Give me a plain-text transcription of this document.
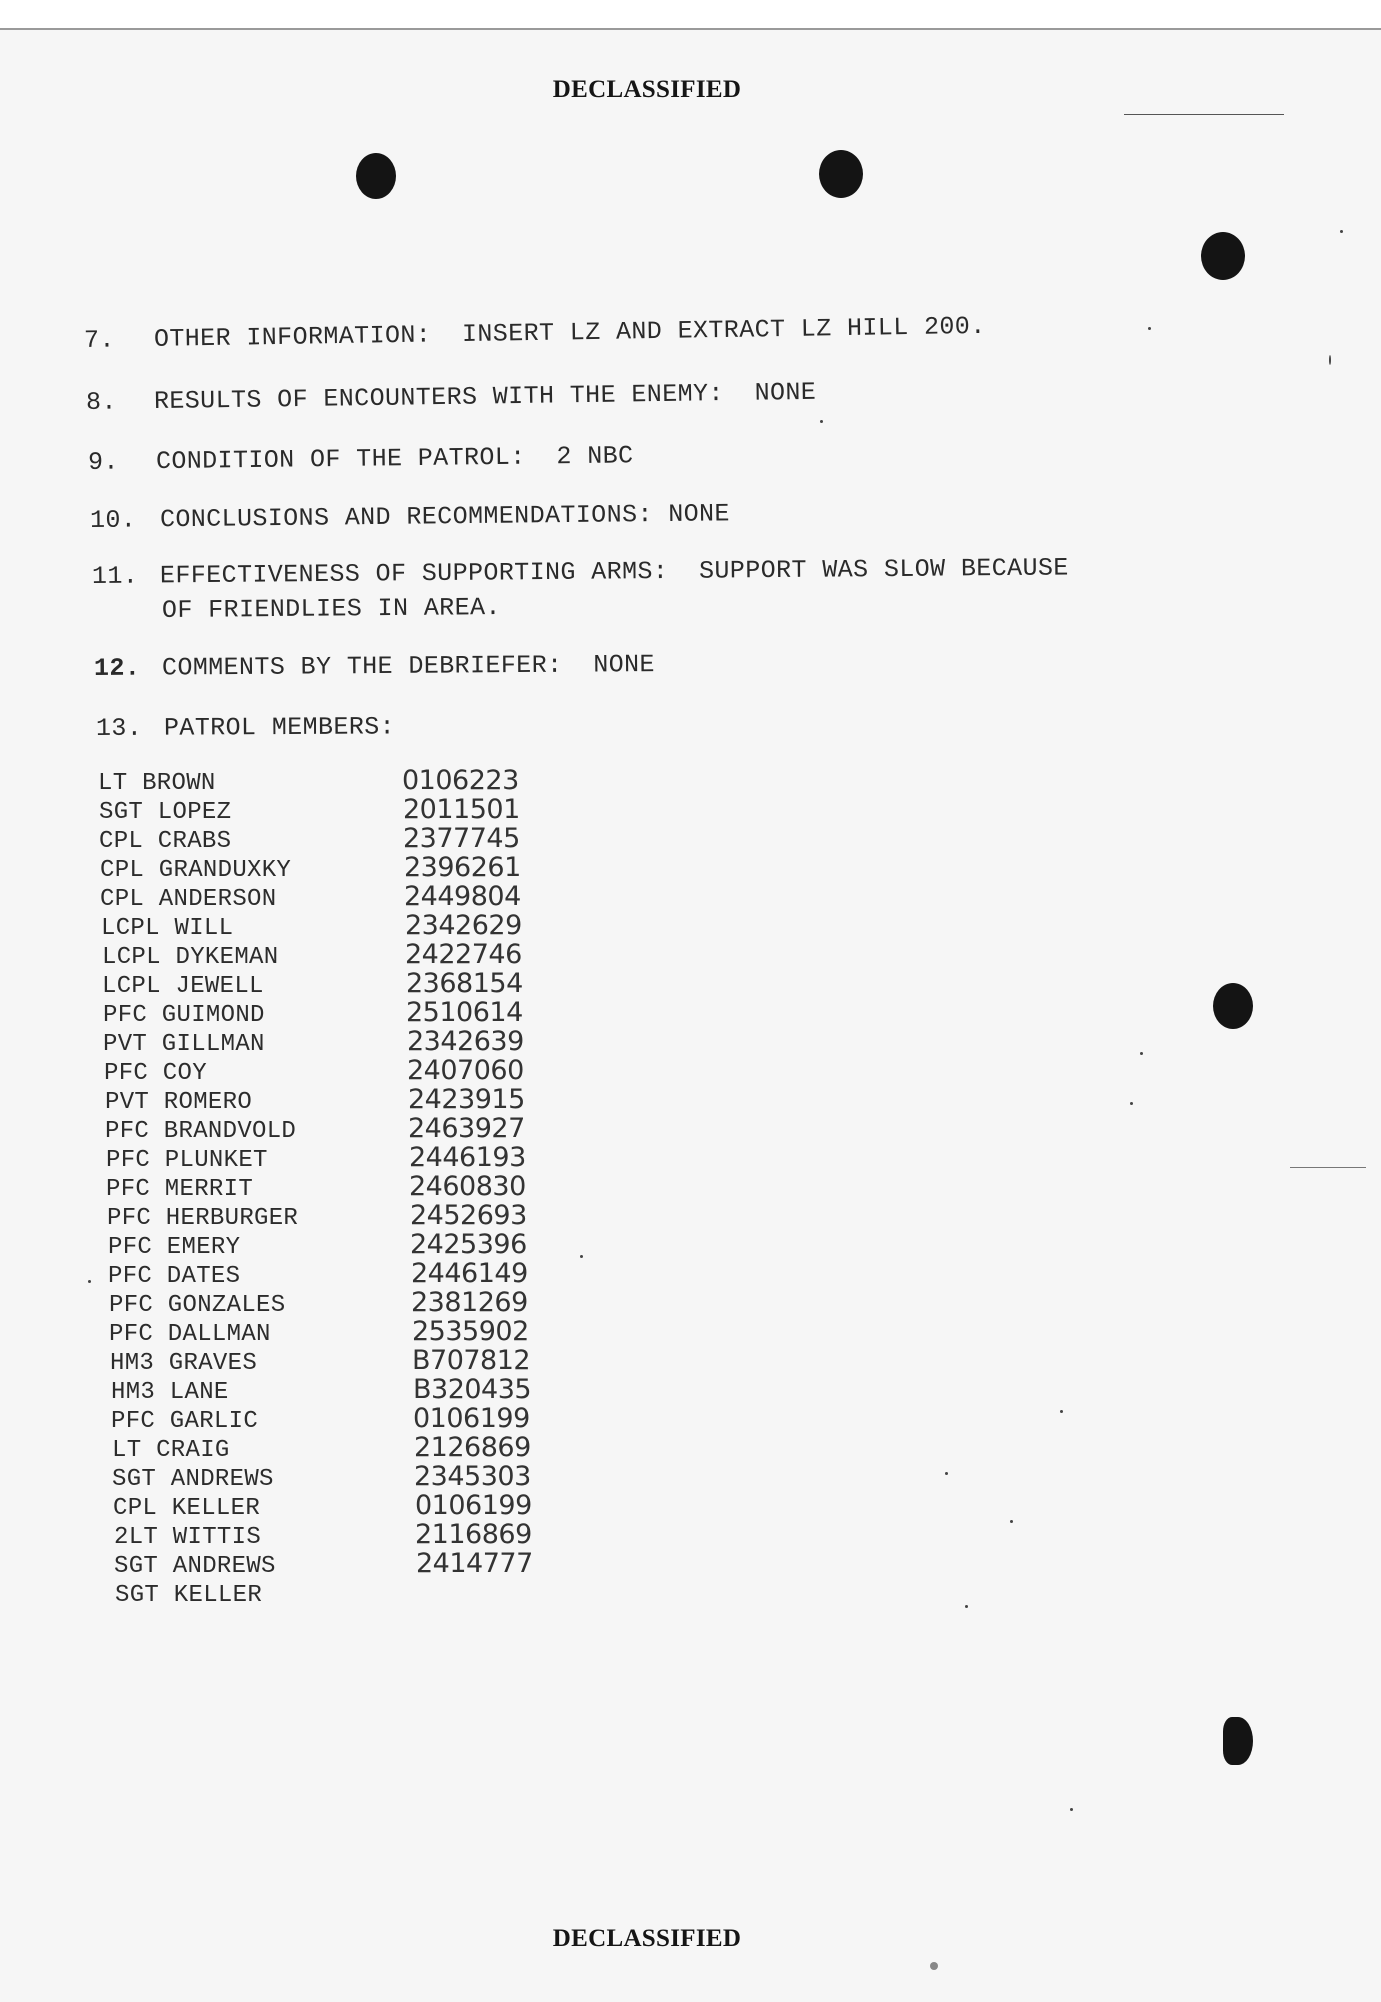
DECLASSIFIED
7. OTHER INFORMATION: INSERT LZ AND EXTRACT LZ HILL 200.
8. RESULTS OF ENCOUNTERS WITH THE ENEMY: NONE
9. CONDITION OF THE PATROL: 2 NBC
10. CONCLUSIONS AND RECOMMENDATIONS: NONE
11. EFFECTIVENESS OF SUPPORTING ARMS: SUPPORT WAS SLOW BECAUSE
OF FRIENDLIES IN AREA.
12. COMMENTS BY THE DEBRIEFER: NONE
13. PATROL MEMBERS:
LT BROWN	0106223
SGT LOPEZ	2011501
CPL CRABS	2377745
CPL GRANDUXKY	2396261
CPL ANDERSON	2449804
LCPL WILL	2342629
LCPL DYKEMAN	2422746
LCPL JEWELL	2368154
PFC GUIMOND	2510614
PVT GILLMAN	2342639
PFC COY	2407060
PVT ROMERO	2423915
PFC BRANDVOLD	2463927
PFC PLUNKET	2446193
PFC MERRIT	2460830
PFC HERBURGER	2452693
PFC EMERY	2425396
PFC DATES	2446149
PFC GONZALES	2381269
PFC DALLMAN	2535902
HM3 GRAVES	B707812
HM3 LANE	B320435
PFC GARLIC	0106199
LT CRAIG	2126869
SGT ANDREWS	2345303
CPL KELLER	0106199
2LT WITTIS	2116869
SGT ANDREWS	2414777
SGT KELLER
DECLASSIFIED
